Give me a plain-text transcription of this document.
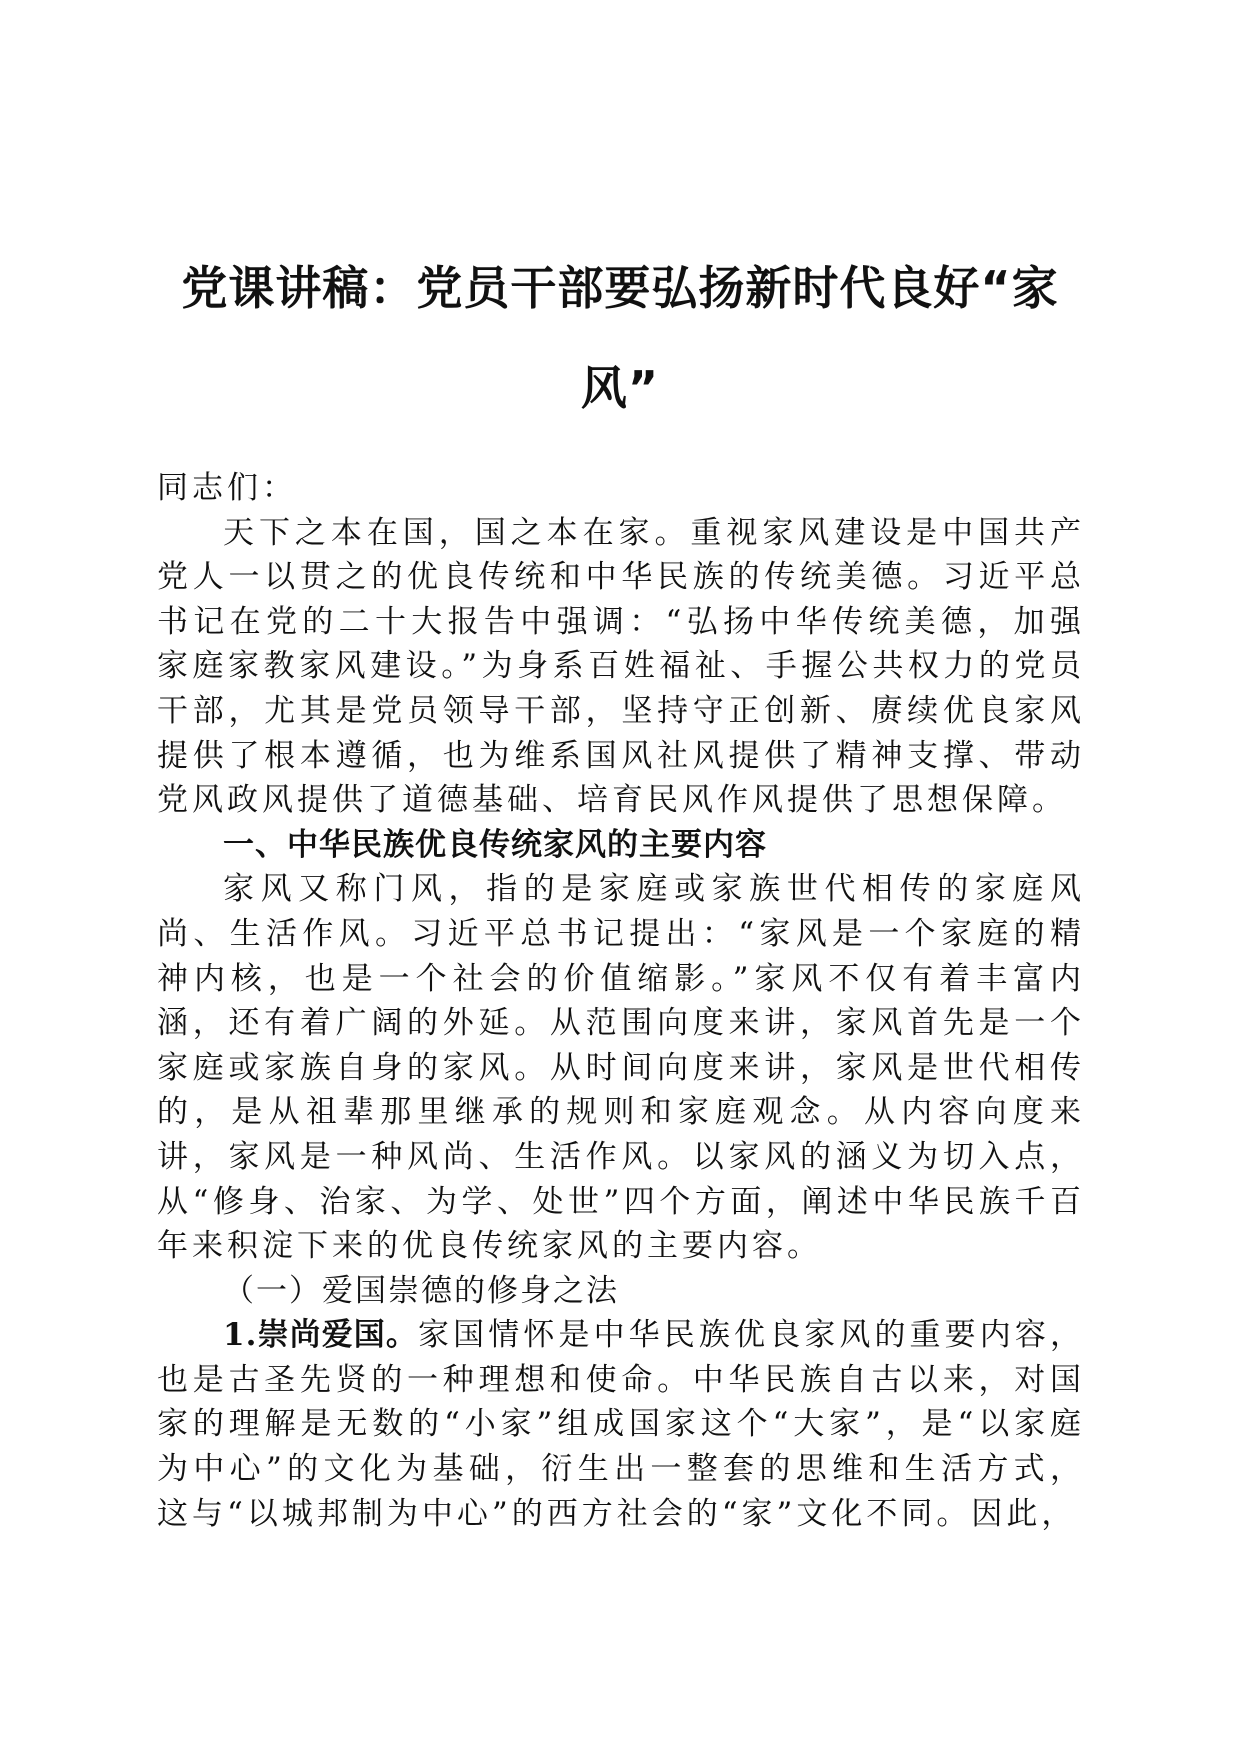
党课讲稿：党员干部要弘扬新时代良好“家风”

同志们：

天下之本在国，国之本在家。重视家风建设是中国共产党人一以贯之的优良传统和中华民族的传统美德。习近平总书记在党的二十大报告中强调：“弘扬中华传统美德，加强家庭家教家风建设。”为身系百姓福祉、手握公共权力的党员干部，尤其是党员领导干部，坚持守正创新、赓续优良家风提供了根本遵循，也为维系国风社风提供了精神支撑、带动党风政风提供了道德基础、培育民风作风提供了思想保障。

一、中华民族优良传统家风的主要内容

家风又称门风，指的是家庭或家族世代相传的家庭风尚、生活作风。习近平总书记提出：“家风是一个家庭的精神内核，也是一个社会的价值缩影。”家风不仅有着丰富内涵，还有着广阔的外延。从范围向度来讲，家风首先是一个家庭或家族自身的家风。从时间向度来讲，家风是世代相传的，是从祖辈那里继承的规则和家庭观念。从内容向度来讲，家风是一种风尚、生活作风。以家风的涵义为切入点，从“修身、治家、为学、处世”四个方面，阐述中华民族千百年来积淀下来的优良传统家风的主要内容。

（一）爱国崇德的修身之法

1.崇尚爱国。家国情怀是中华民族优良家风的重要内容，也是古圣先贤的一种理想和使命。中华民族自古以来，对国家的理解是无数的“小家”组成国家这个“大家”，是“以家庭为中心”的文化为基础，衍生出一整套的思维和生活方式，这与“以城邦制为中心”的西方社会的“家”文化不同。因此，
